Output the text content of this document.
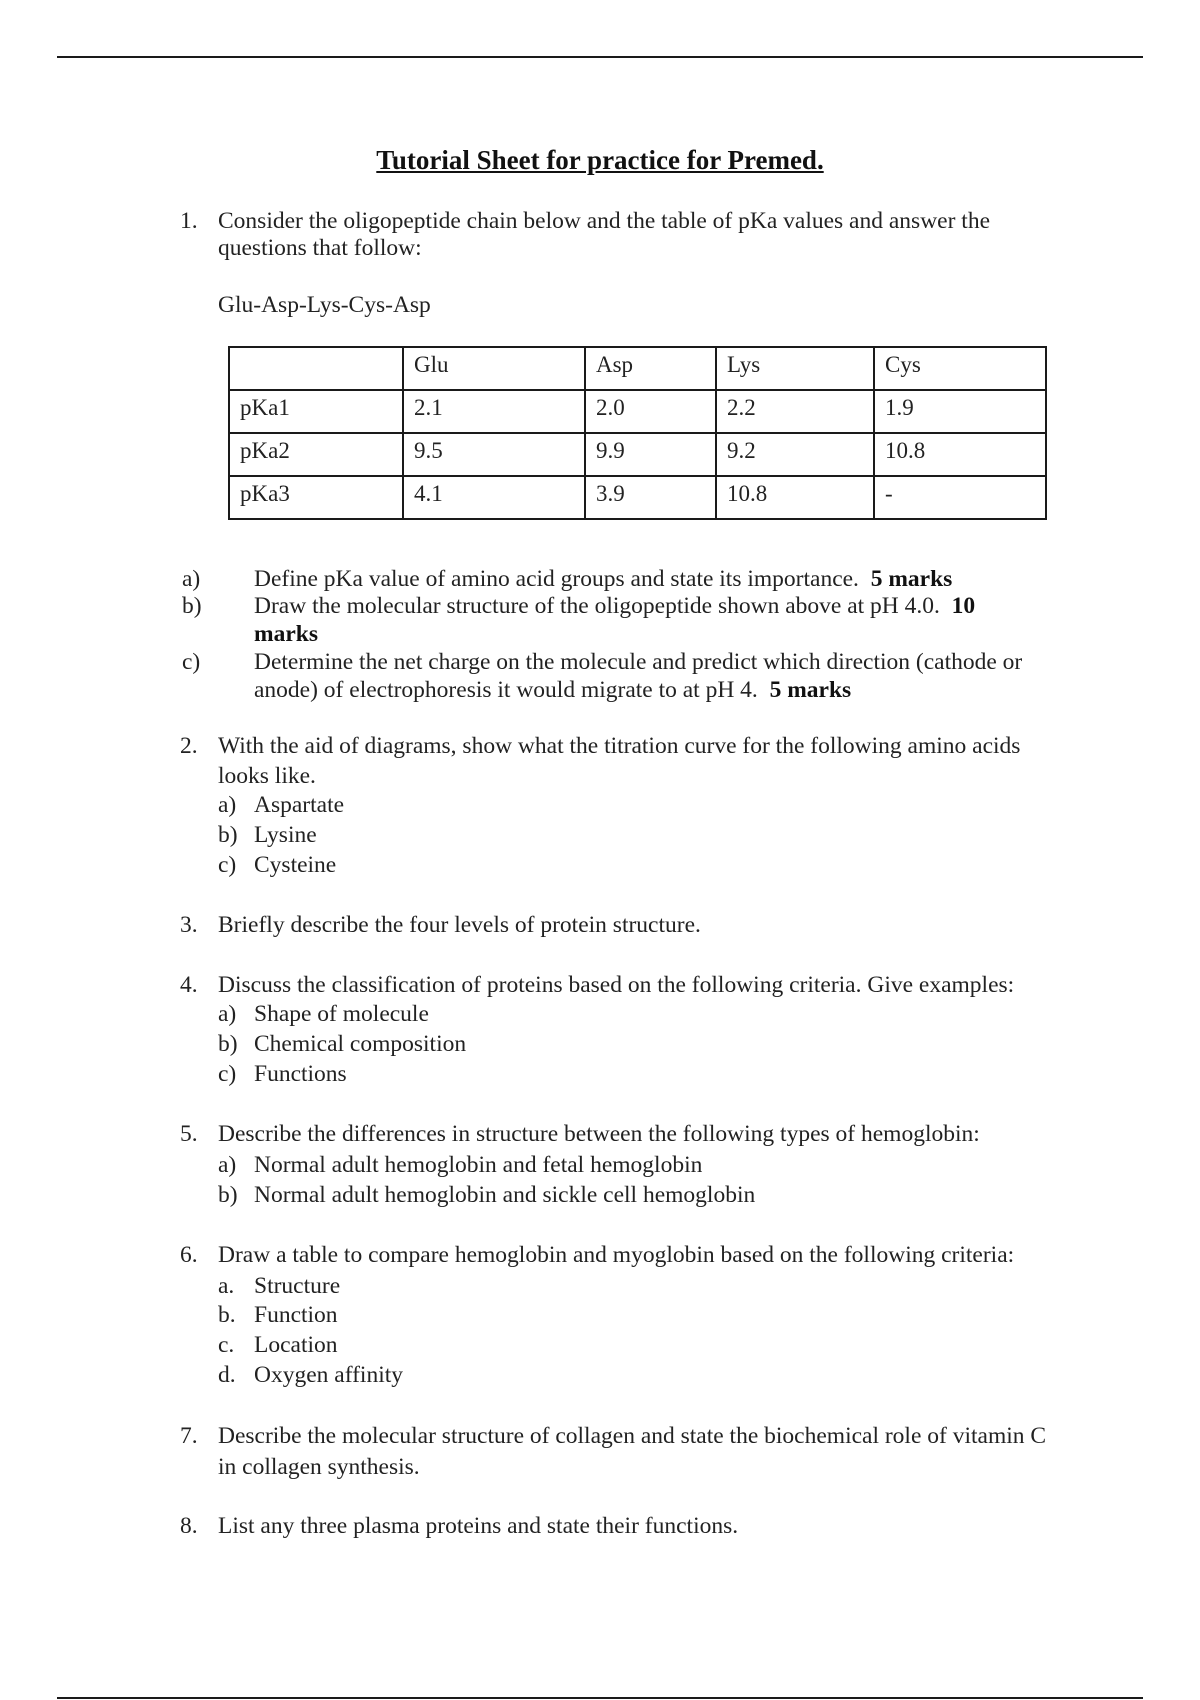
Tutorial Sheet for practice for Premed.
1. Consider the oligopeptide chain below and the table of pKa values and answer the questions that follow:
Glu-Asp-Lys-Cys-Asp
	Glu	Asp	Lys	Cys
pKa1	2.1	2.0	2.2	1.9
pKa2	9.5	9.9	9.2	10.8
pKa3	4.1	3.9	10.8	-
a) Define pKa value of amino acid groups and state its importance. 5 marks
b) Draw the molecular structure of the oligopeptide shown above at pH 4.0. 10 marks
c) Determine the net charge on the molecule and predict which direction (cathode or anode) of electrophoresis it would migrate to at pH 4. 5 marks
2. With the aid of diagrams, show what the titration curve for the following amino acids looks like.
a) Aspartate
b) Lysine
c) Cysteine
3. Briefly describe the four levels of protein structure.
4. Discuss the classification of proteins based on the following criteria. Give examples:
a) Shape of molecule
b) Chemical composition
c) Functions
5. Describe the differences in structure between the following types of hemoglobin:
a) Normal adult hemoglobin and fetal hemoglobin
b) Normal adult hemoglobin and sickle cell hemoglobin
6. Draw a table to compare hemoglobin and myoglobin based on the following criteria:
a. Structure
b. Function
c. Location
d. Oxygen affinity
7. Describe the molecular structure of collagen and state the biochemical role of vitamin C in collagen synthesis.
8. List any three plasma proteins and state their functions.
